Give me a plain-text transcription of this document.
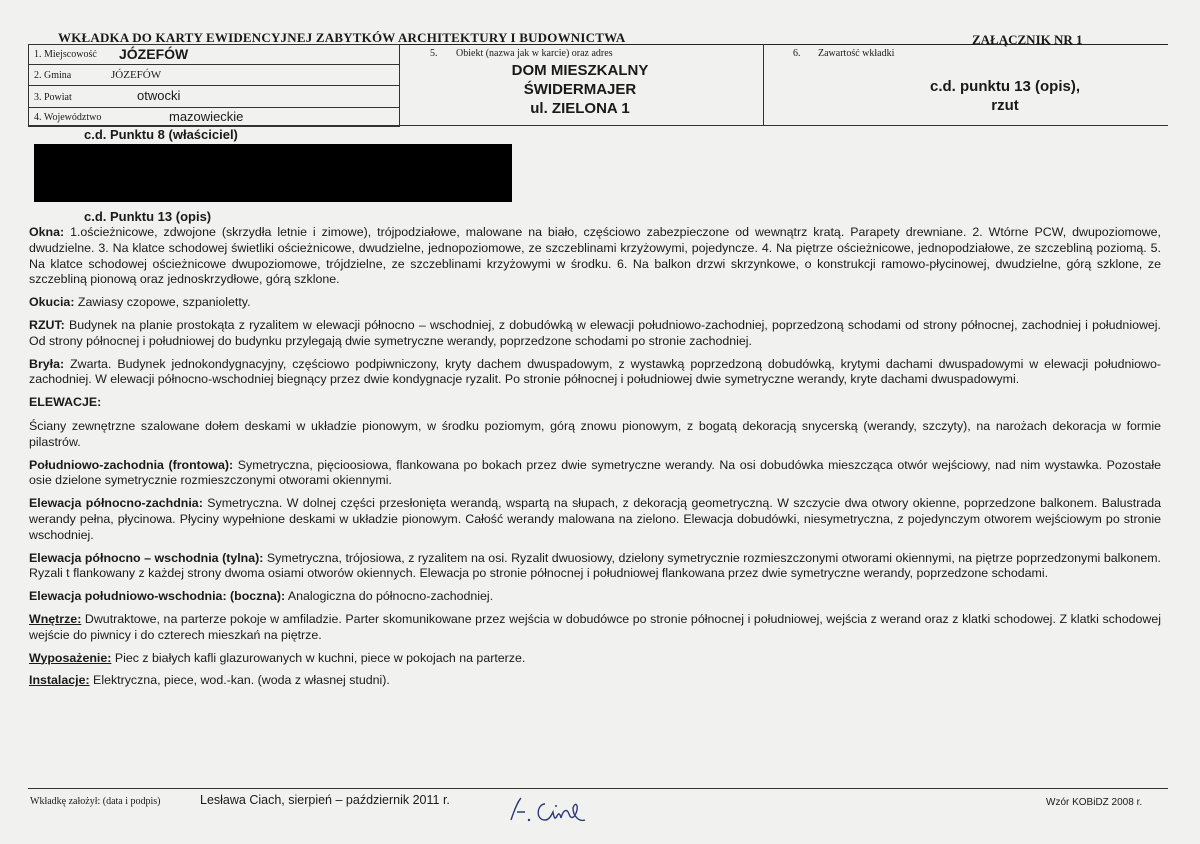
WKŁADKA DO KARTY EWIDENCYJNEJ ZABYTKÓW ARCHITEKTURY I BUDOWNICTWA	ZAŁĄCZNIK NR 1
1. Miejscowość JÓZEFÓW
2. Gmina	JÓZEFÓW
3. Powiat	otwocki
4. Województwo	mazowieckie
5. Obiekt (nazwa jak w karcie) oraz adres
DOM MIESZKALNY
ŚWIDERMAJER
ul. ZIELONA 1
6. Zawartość wkładki
c.d. punktu 13 (opis),
rzut
c.d. Punktu 8 (właściciel)
c.d. Punktu 13 (opis)

Okna: 1.ościeżnicowe, zdwojone (skrzydła letnie i zimowe), trójpodziałowe, malowane na biało, częściowo zabezpieczone od wewnątrz kratą. Parapety drewniane. 2. Wtórne PCW, dwupoziomowe, dwudzielne. 3. Na klatce schodowej świetliki ościeżnicowe, dwudzielne, jednopoziomowe, ze szczeblinami krzyżowymi, pojedyncze. 4. Na piętrze ościeżnicowe, jednopodziałowe, ze szczebliną poziomą. 5. Na klatce schodowej ościeżnicowe dwupoziomowe, trójdzielne, ze szczeblinami krzyżowymi w środku. 6. Na balkon drzwi skrzynkowe, o konstrukcji ramowo-płycinowej, dwudzielne, górą szklone, ze szczebliną pionową oraz jednoskrzydłowe, górą szklone.

Okucia: Zawiasy czopowe, szpanioletty.

RZUT: Budynek na planie prostokąta z ryzalitem w elewacji północno – wschodniej, z dobudówką w elewacji południowo-zachodniej, poprzedzoną schodami od strony północnej, zachodniej i południowej. Od strony północnej i południowej do budynku przylegają dwie symetryczne werandy, poprzedzone schodami po stronie zachodniej.

Bryła: Zwarta. Budynek jednokondygnacyjny, częściowo podpiwniczony, kryty dachem dwuspadowym, z wystawką poprzedzoną dobudówką, krytymi dachami dwuspadowymi w elewacji południowo-zachodniej. W elewacji północno-wschodniej biegnący przez dwie kondygnacje ryzalit. Po stronie północnej i południowej dwie symetryczne werandy, kryte dachami dwuspadowymi.

ELEWACJE:

Ściany zewnętrzne szalowane dołem deskami w układzie pionowym, w środku poziomym, górą znowu pionowym, z bogatą dekoracją snycerską (werandy, szczyty), na narożach dekoracja w formie pilastrów.

Południowo-zachodnia (frontowa): Symetryczna, pięcioosiowa, flankowana po bokach przez dwie symetryczne werandy. Na osi dobudówka mieszcząca otwór wejściowy, nad nim wystawka. Pozostałe osie dzielone symetrycznie rozmieszczonymi otworami okiennymi.

Elewacja północno-zachdnia: Symetryczna. W dolnej części przesłonięta werandą, wspartą na słupach, z dekoracją geometryczną. W szczycie dwa otwory okienne, poprzedzone balkonem. Balustrada werandy pełna, płycinowa. Płyciny wypełnione deskami w układzie pionowym. Całość werandy malowana na zielono. Elewacja dobudówki, niesymetryczna, z pojedynczym otworem wejściowym po stronie wschodniej.

Elewacja północno – wschodnia (tylna): Symetryczna, trójosiowa, z ryzalitem na osi. Ryzalit dwuosiowy, dzielony symetrycznie rozmieszczonymi otworami okiennymi, na piętrze poprzedzonymi balkonem. Ryzali t flankowany z każdej strony dwoma osiami otworów okiennych. Elewacja po stronie północnej i południowej flankowana przez dwie symetryczne werandy, poprzedzone schodami.

Elewacja południowo-wschodnia: (boczna): Analogiczna do północno-zachodniej.

Wnętrze: Dwutraktowe, na parterze pokoje w amfiladzie. Parter skomunikowane przez wejścia w dobudówce po stronie północnej i południowej, wejścia z werand oraz z klatki schodowej. Z klatki schodowej wejście do piwnicy i do czterech mieszkań na piętrze.

Wyposażenie: Piec z białych kafli glazurowanych w kuchni, piece w pokojach na parterze.

Instalacje: Elektryczna, piece, wod.-kan. (woda z własnej studni).

Wkładkę założył: (data i podpis)	Lesława Ciach, sierpień – październik 2011 r.	Wzór KOBiDZ 2008 r.
